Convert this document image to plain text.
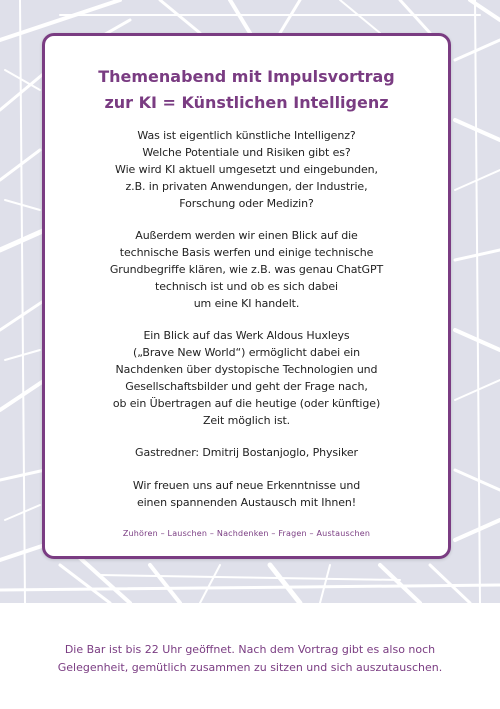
Themenabend mit Impulsvortrag
zur KI = Künstlichen Intelligenz
Was ist eigentlich künstliche Intelligenz?
Welche Potentiale und Risiken gibt es?
Wie wird KI aktuell umgesetzt und eingebunden,
z.B. in privaten Anwendungen, der Industrie,
Forschung oder Medizin?
Außerdem werden wir einen Blick auf die
technische Basis werfen und einige technische
Grundbegriffe klären, wie z.B. was genau ChatGPT
technisch ist und ob es sich dabei
um eine KI handelt.
Ein Blick auf das Werk Aldous Huxleys
(„Brave New World“) ermöglicht dabei ein
Nachdenken über dystopische Technologien und
Gesellschaftsbilder und geht der Frage nach,
ob ein Übertragen auf die heutige (oder künftige)
Zeit möglich ist.
Gastredner: Dmitrij Bostanjoglo, Physiker
Wir freuen uns auf neue Erkenntnisse und
einen spannenden Austausch mit Ihnen!
Zuhören – Lauschen – Nachdenken – Fragen – Austauschen
Die Bar ist bis 22 Uhr geöffnet. Nach dem Vortrag gibt es also noch
Gelegenheit, gemütlich zusammen zu sitzen und sich auszutauschen.
